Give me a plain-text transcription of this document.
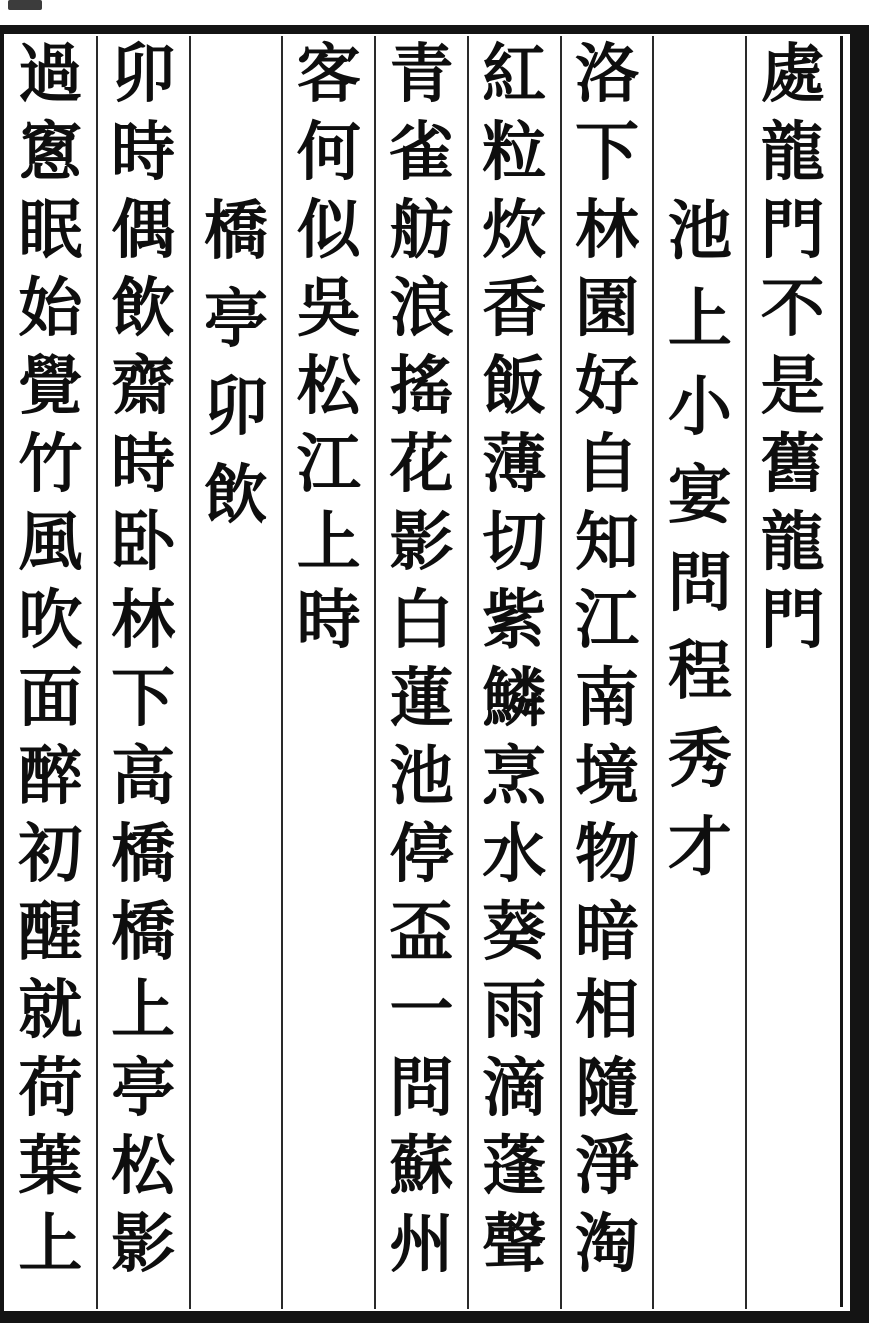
處
龍
門
不
是
舊
龍
門
池
上
小
宴
問
程
秀
才
洛
下
林
園
好
自
知
江
南
境
物
暗
相
隨
淨
淘
紅
粒
炊
香
飯
薄
切
紫
鱗
烹
水
葵
雨
滴
蓬
聲
青
雀
舫
浪
搖
花
影
白
蓮
池
停
盃
一
問
蘇
州
客
何
似
吳
松
江
上
時
橋
亭
卯
飲
卯
時
偶
飲
齋
時
卧
林
下
高
橋
橋
上
亭
松
影
過
窻
眠
始
覺
竹
風
吹
面
醉
初
醒
就
荷
葉
上
